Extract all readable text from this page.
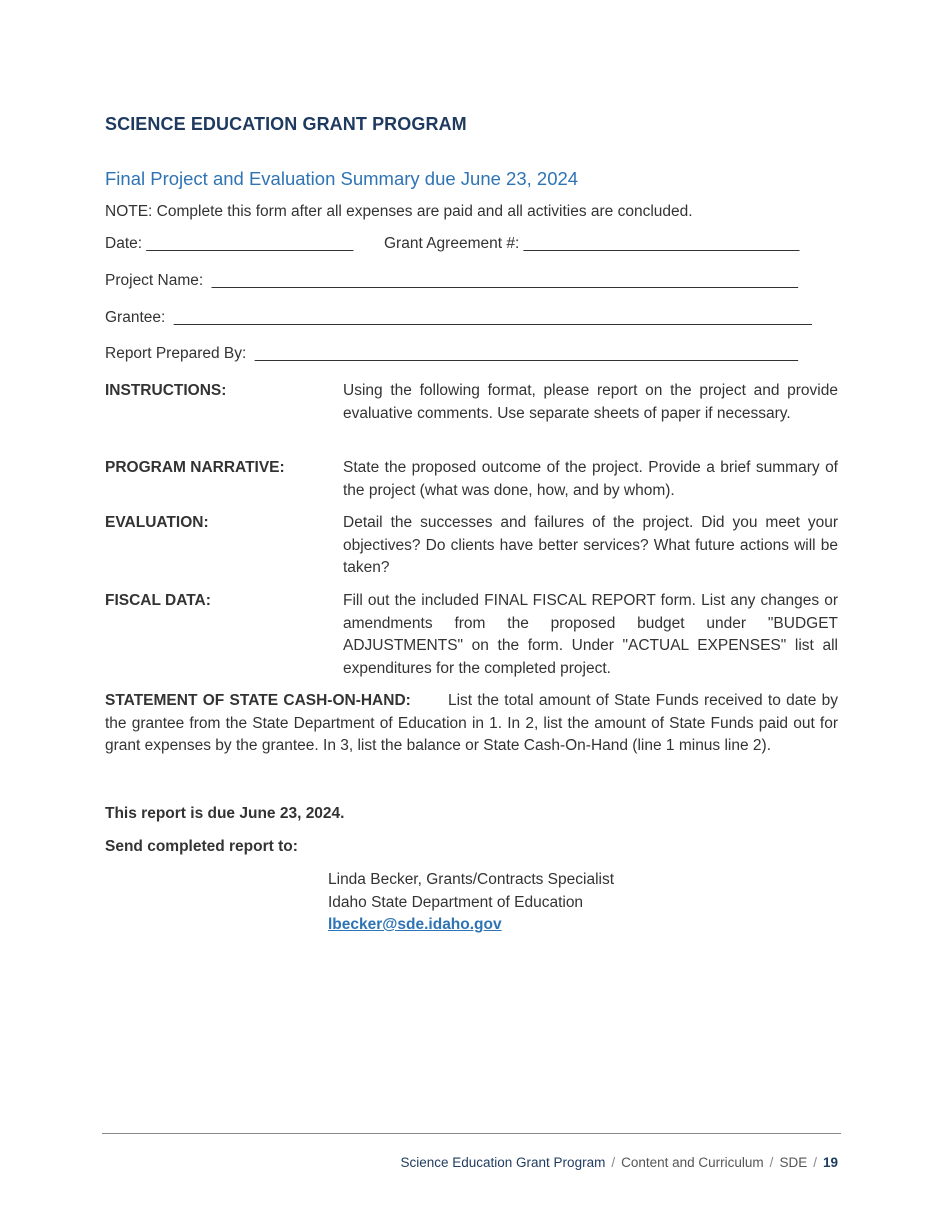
SCIENCE EDUCATION GRANT PROGRAM
Final Project and Evaluation Summary due June 23, 2024
NOTE: Complete this form after all expenses are paid and all activities are concluded.
Date: ________________________ Grant Agreement #: ________________________________
Project Name:  ____________________________________________________________________
Grantee:  __________________________________________________________________________
Report Prepared By:  _______________________________________________________________
INSTRUCTIONS:	Using the following format, please report on the project and provide evaluative comments. Use separate sheets of paper if necessary.
PROGRAM NARRATIVE:	State the proposed outcome of the project. Provide a brief summary of the project (what was done, how, and by whom).
EVALUATION:	Detail the successes and failures of the project. Did you meet your objectives? Do clients have better services? What future actions will be taken?
FISCAL DATA:	Fill out the included FINAL FISCAL REPORT form. List any changes or amendments from the proposed budget under "BUDGET ADJUSTMENTS" on the form. Under "ACTUAL EXPENSES" list all expenditures for the completed project.
STATEMENT OF STATE CASH-ON-HAND: List the total amount of State Funds received to date by the grantee from the State Department of Education in 1. In 2, list the amount of State Funds paid out for grant expenses by the grantee. In 3, list the balance or State Cash-On-Hand (line 1 minus line 2).
This report is due June 23, 2024.
Send completed report to:
Linda Becker, Grants/Contracts Specialist
Idaho State Department of Education
lbecker@sde.idaho.gov
Science Education Grant Program / Content and Curriculum / SDE / 19
